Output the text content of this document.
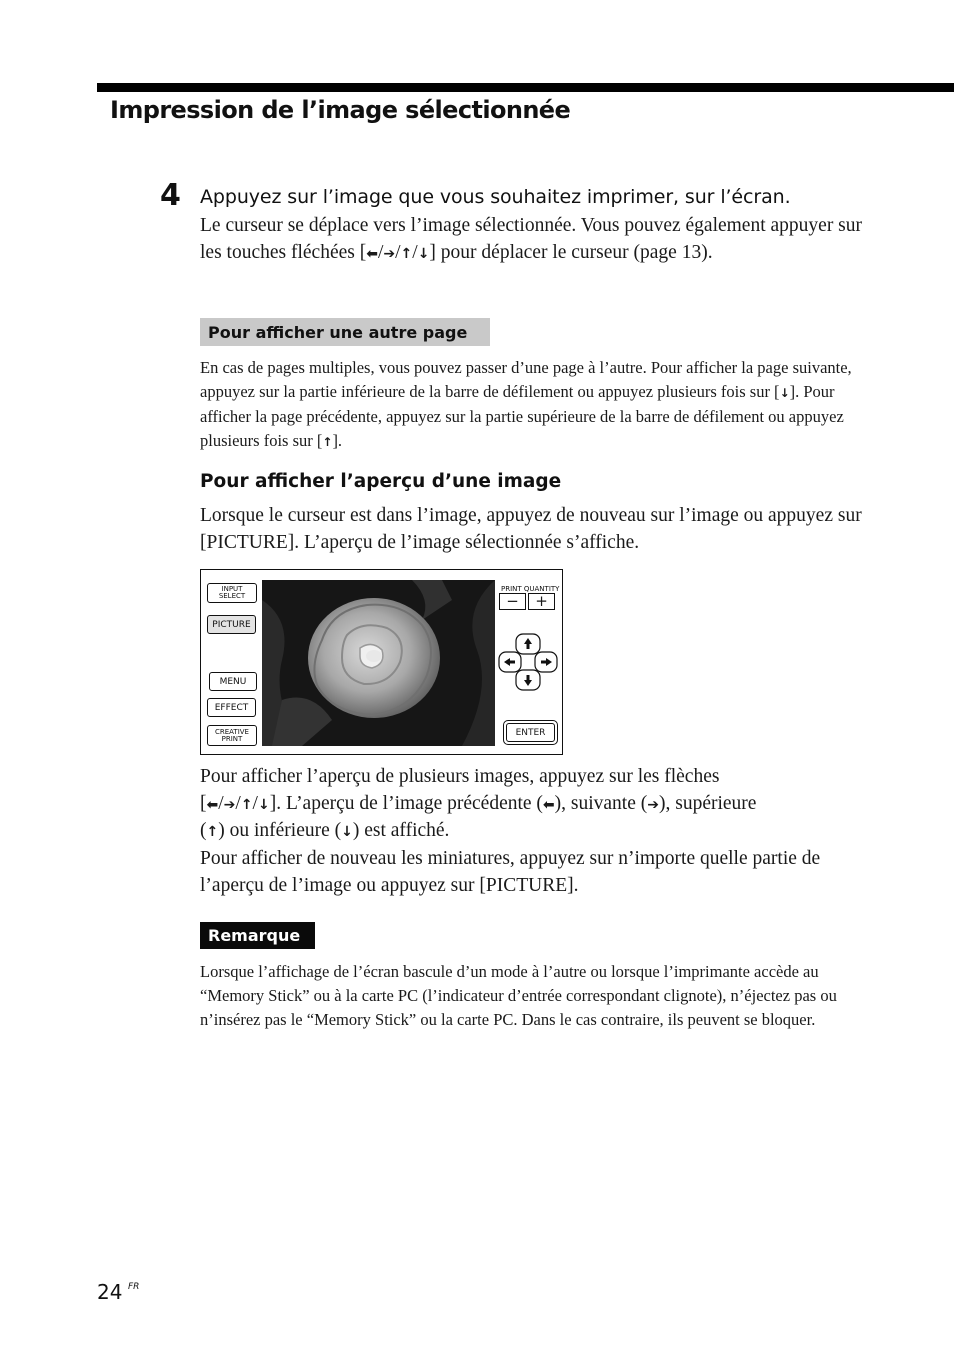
Impression de l’image sélectionnée
4 Appuyez sur l’image que vous souhaitez imprimer, sur l’écran.
Le curseur se déplace vers l’image sélectionnée. Vous pouvez également appuyer sur les touches fléchées [⬅/➔/↑/↓] pour déplacer le curseur (page 13).
Pour afficher une autre page
En cas de pages multiples, vous pouvez passer d’une page à l’autre. Pour afficher la page suivante, appuyez sur la partie inférieure de la barre de défilement ou appuyez plusieurs fois sur [↓]. Pour afficher la page précédente, appuyez sur la partie supérieure de la barre de défilement ou appuyez plusieurs fois sur [↑].
Pour afficher l’aperçu d’une image
Lorsque le curseur est dans l’image, appuyez de nouveau sur l’image ou appuyez sur [PICTURE]. L’aperçu de l’image sélectionnée s’affiche.
INPUT
SELECT
PICTURE
MENU
EFFECT
CREATIVE
PRINT
PRINT QUANTITY
−	+
ENTER
Pour afficher l’aperçu de plusieurs images, appuyez sur les flèches
[⬅/➔/↑/↓]. L’aperçu de l’image précédente (⬅), suivante (➔), supérieure
(↑) ou inférieure (↓) est affiché.
Pour afficher de nouveau les miniatures, appuyez sur n’importe quelle partie de l’aperçu de l’image ou appuyez sur [PICTURE].
Remarque
Lorsque l’affichage de l’écran bascule d’un mode à l’autre ou lorsque l’imprimante accède au “Memory Stick” ou à la carte PC (l’indicateur d’entrée correspondant clignote), n’éjectez pas ou n’insérez pas le “Memory Stick” ou la carte PC. Dans le cas contraire, ils peuvent se bloquer.
24 FR
